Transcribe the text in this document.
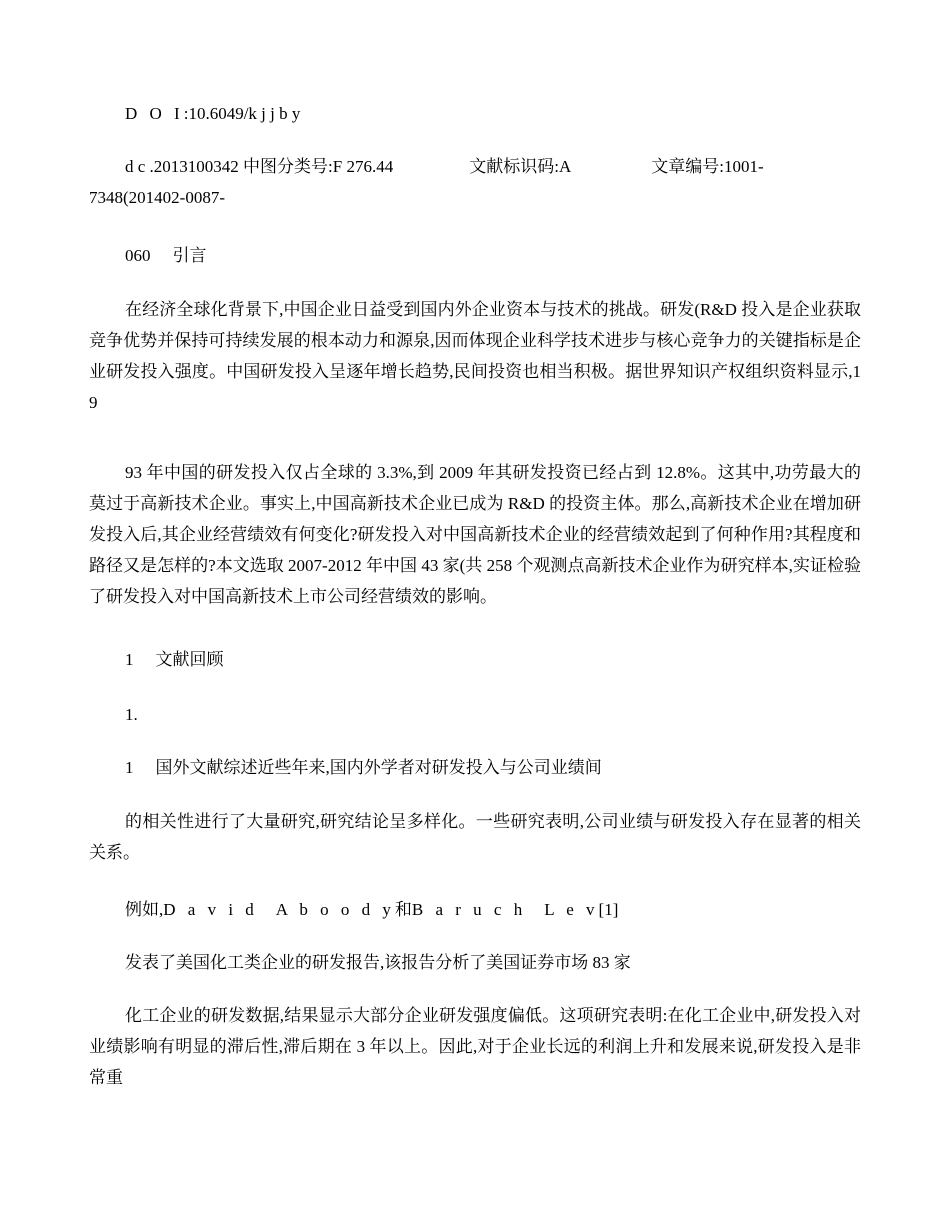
D O I:10.6049/k j j b y

d c .2013100342 中图分类号:F 276.44	文献标识码:A	文章编号:1001-
7348(201402-0087-

060 引言

在经济全球化背景下,中国企业日益受到国内外企业资本与技术的挑战。研发(R&D 投入是企业获取竞争优势并保持可持续发展的根本动力和源泉,因而体现企业科学技术进步与核心竞争力的关键指标是企业研发投入强度。中国研发投入呈逐年增长趋势,民间投资也相当积极。据世界知识产权组织资料显示,19

93 年中国的研发投入仅占全球的 3.3%,到 2009 年其研发投资已经占到 12.8%。这其中,功劳最大的莫过于高新技术企业。事实上,中国高新技术企业已成为 R&D 的投资主体。那么,高新技术企业在增加研发投入后,其企业经营绩效有何变化?研发投入对中国高新技术企业的经营绩效起到了何种作用?其程度和路径又是怎样的?本文选取 2007-2012 年中国 43 家(共 258 个观测点高新技术企业作为研究样本,实证检验了研发投入对中国高新技术上市公司经营绩效的影响。

1 文献回顾

1.

1 国外文献综述近些年来,国内外学者对研发投入与公司业绩间

的相关性进行了大量研究,研究结论呈多样化。一些研究表明,公司业绩与研发投入存在显著的相关关系。

例如,D a v i d A b o o d y和B a r u c h L e v[1]

发表了美国化工类企业的研发报告,该报告分析了美国证券市场 83 家

化工企业的研发数据,结果显示大部分企业研发强度偏低。这项研究表明:在化工企业中,研发投入对业绩影响有明显的滞后性,滞后期在 3 年以上。因此,对于企业长远的利润上升和发展来说,研发投入是非常重
